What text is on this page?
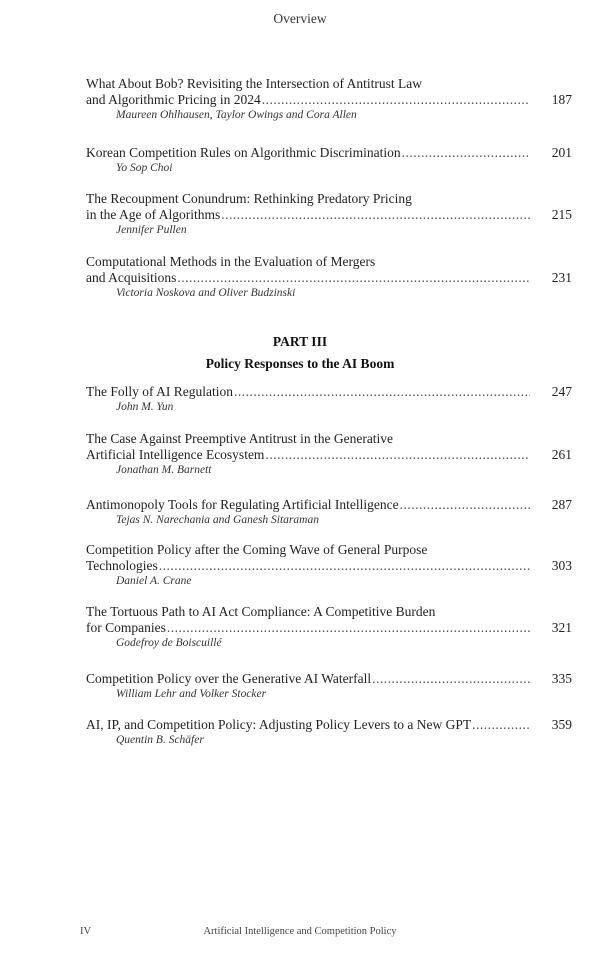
Overview
What About Bob? Revisiting the Intersection of Antitrust Law
and Algorithmic Pricing in 2024 .....	187
Maureen Ohlhausen, Taylor Owings and Cora Allen
Korean Competition Rules on Algorithmic Discrimination .....	201
Yo Sop Choi
The Recoupment Conundrum: Rethinking Predatory Pricing
in the Age of Algorithms .....	215
Jennifer Pullen
Computational Methods in the Evaluation of Mergers
and Acquisitions .....	231
Victoria Noskova and Oliver Budzinski
PART III
Policy Responses to the AI Boom
The Folly of AI Regulation .....	247
John M. Yun
The Case Against Preemptive Antitrust in the Generative
Artificial Intelligence Ecosystem .....	261
Jonathan M. Barnett
Antimonopoly Tools for Regulating Artificial Intelligence .....	287
Tejas N. Narechania and Ganesh Sitaraman
Competition Policy after the Coming Wave of General Purpose
Technologies .....	303
Daniel A. Crane
The Tortuous Path to AI Act Compliance: A Competitive Burden
for Companies .....	321
Godefroy de Boiscuillé
Competition Policy over the Generative AI Waterfall .....	335
William Lehr and Volker Stocker
AI, IP, and Competition Policy: Adjusting Policy Levers to a New GPT .....	359
Quentin B. Schäfer
IV	Artificial Intelligence and Competition Policy
